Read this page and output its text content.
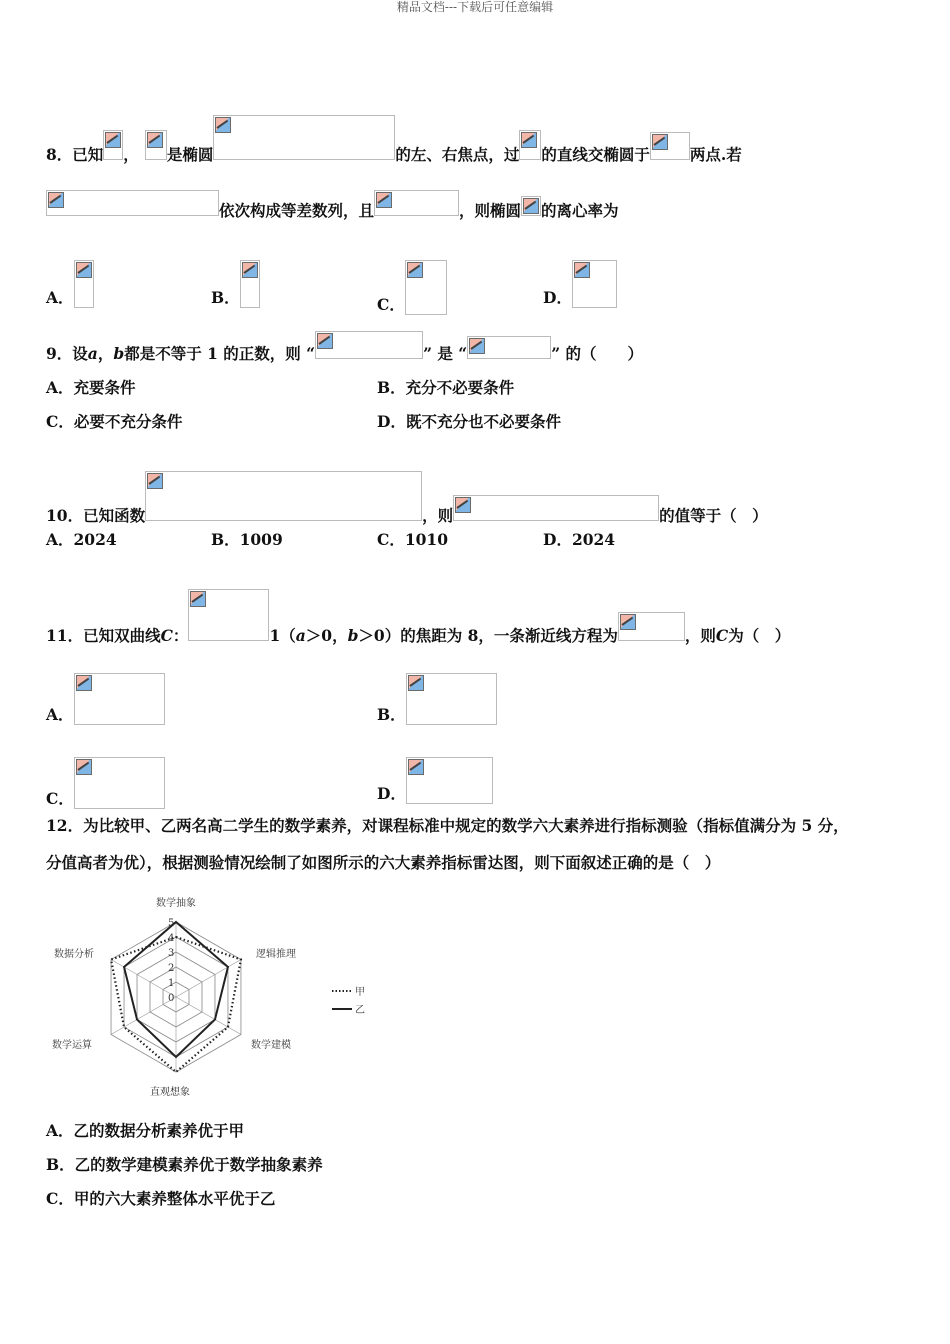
精品文档---下载后可任意编辑
8．已知 ， 是椭圆	的左、右焦点，过 的直线交椭圆于	两点.若
依次构成等差数列，且	，则椭圆 的离心率为
A．	B．	C．	D．
9．设a，b都是不等于 1 的正数，则 “	” 是 “	” 的（　　）
A．充要条件	B．充分不必要条件
C．必要不充分条件	D．既不充分也不必要条件
10．已知函数	，则	的值等于（　）
A．2024	B．1009	C．1010	D．2024
11．已知双曲线C：	1（a＞0，b＞0）的焦距为 8，一条渐近线方程为	，则C为（　）
A．	B．
C．	D．
12．为比较甲、乙两名高二学生的数学素养，对课程标准中规定的数学六大素养进行指标测验（指标值满分为 5 分，
分值高者为优），根据测验情况绘制了如图所示的六大素养指标雷达图，则下面叙述正确的是（　）
0
1
2
3
4
5
数学抽象
逻辑推理
数学建模
直观想象
数学运算
数据分析
甲
乙
A．乙的数据分析素养优于甲
B．乙的数学建模素养优于数学抽象素养
C．甲的六大素养整体水平优于乙
